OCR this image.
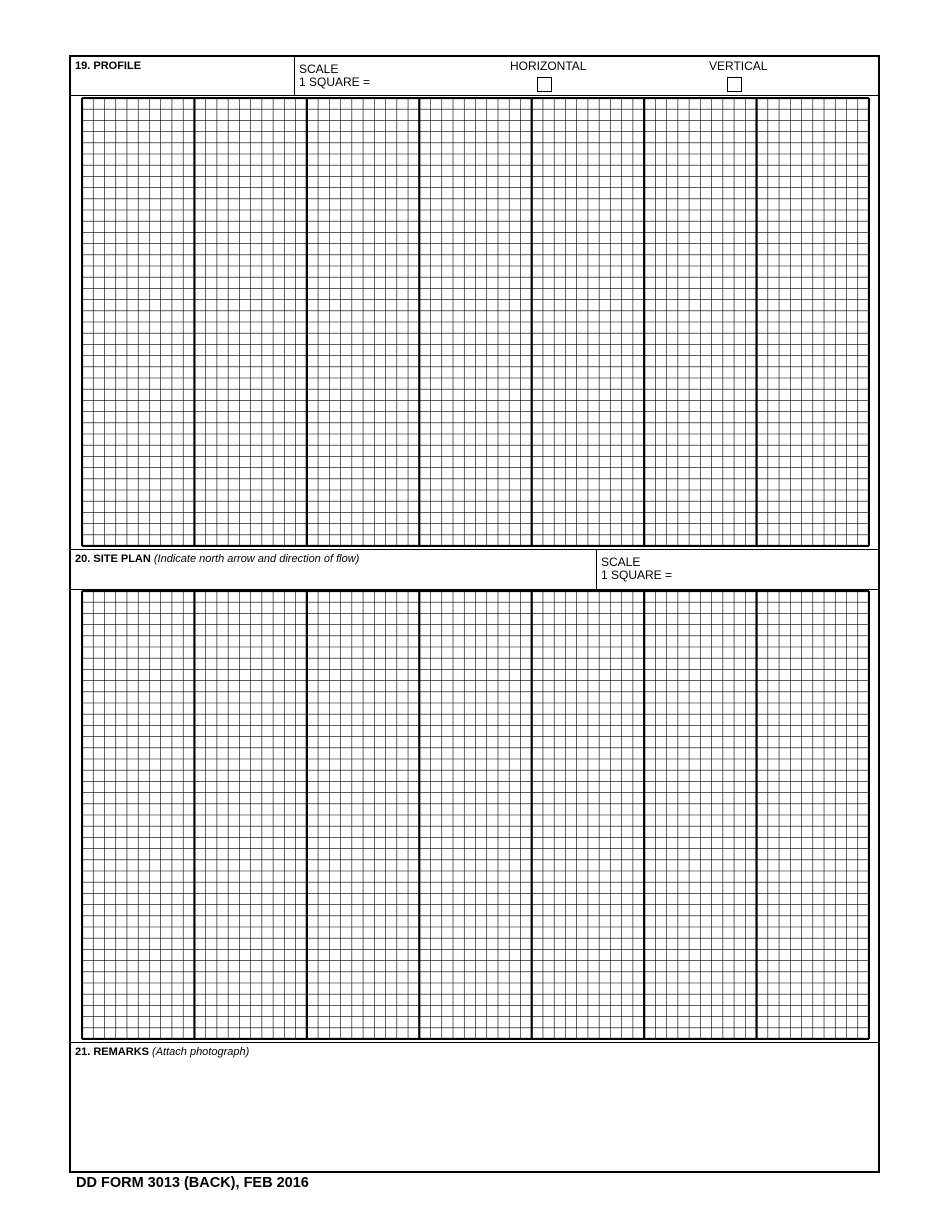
19. PROFILE	SCALE
1 SQUARE =
HORIZONTAL	VERTICAL
20. SITE PLAN (Indicate north arrow and direction of flow)	SCALE
1 SQUARE =
21. REMARKS (Attach photograph)
DD FORM 3013 (BACK), FEB 2016
